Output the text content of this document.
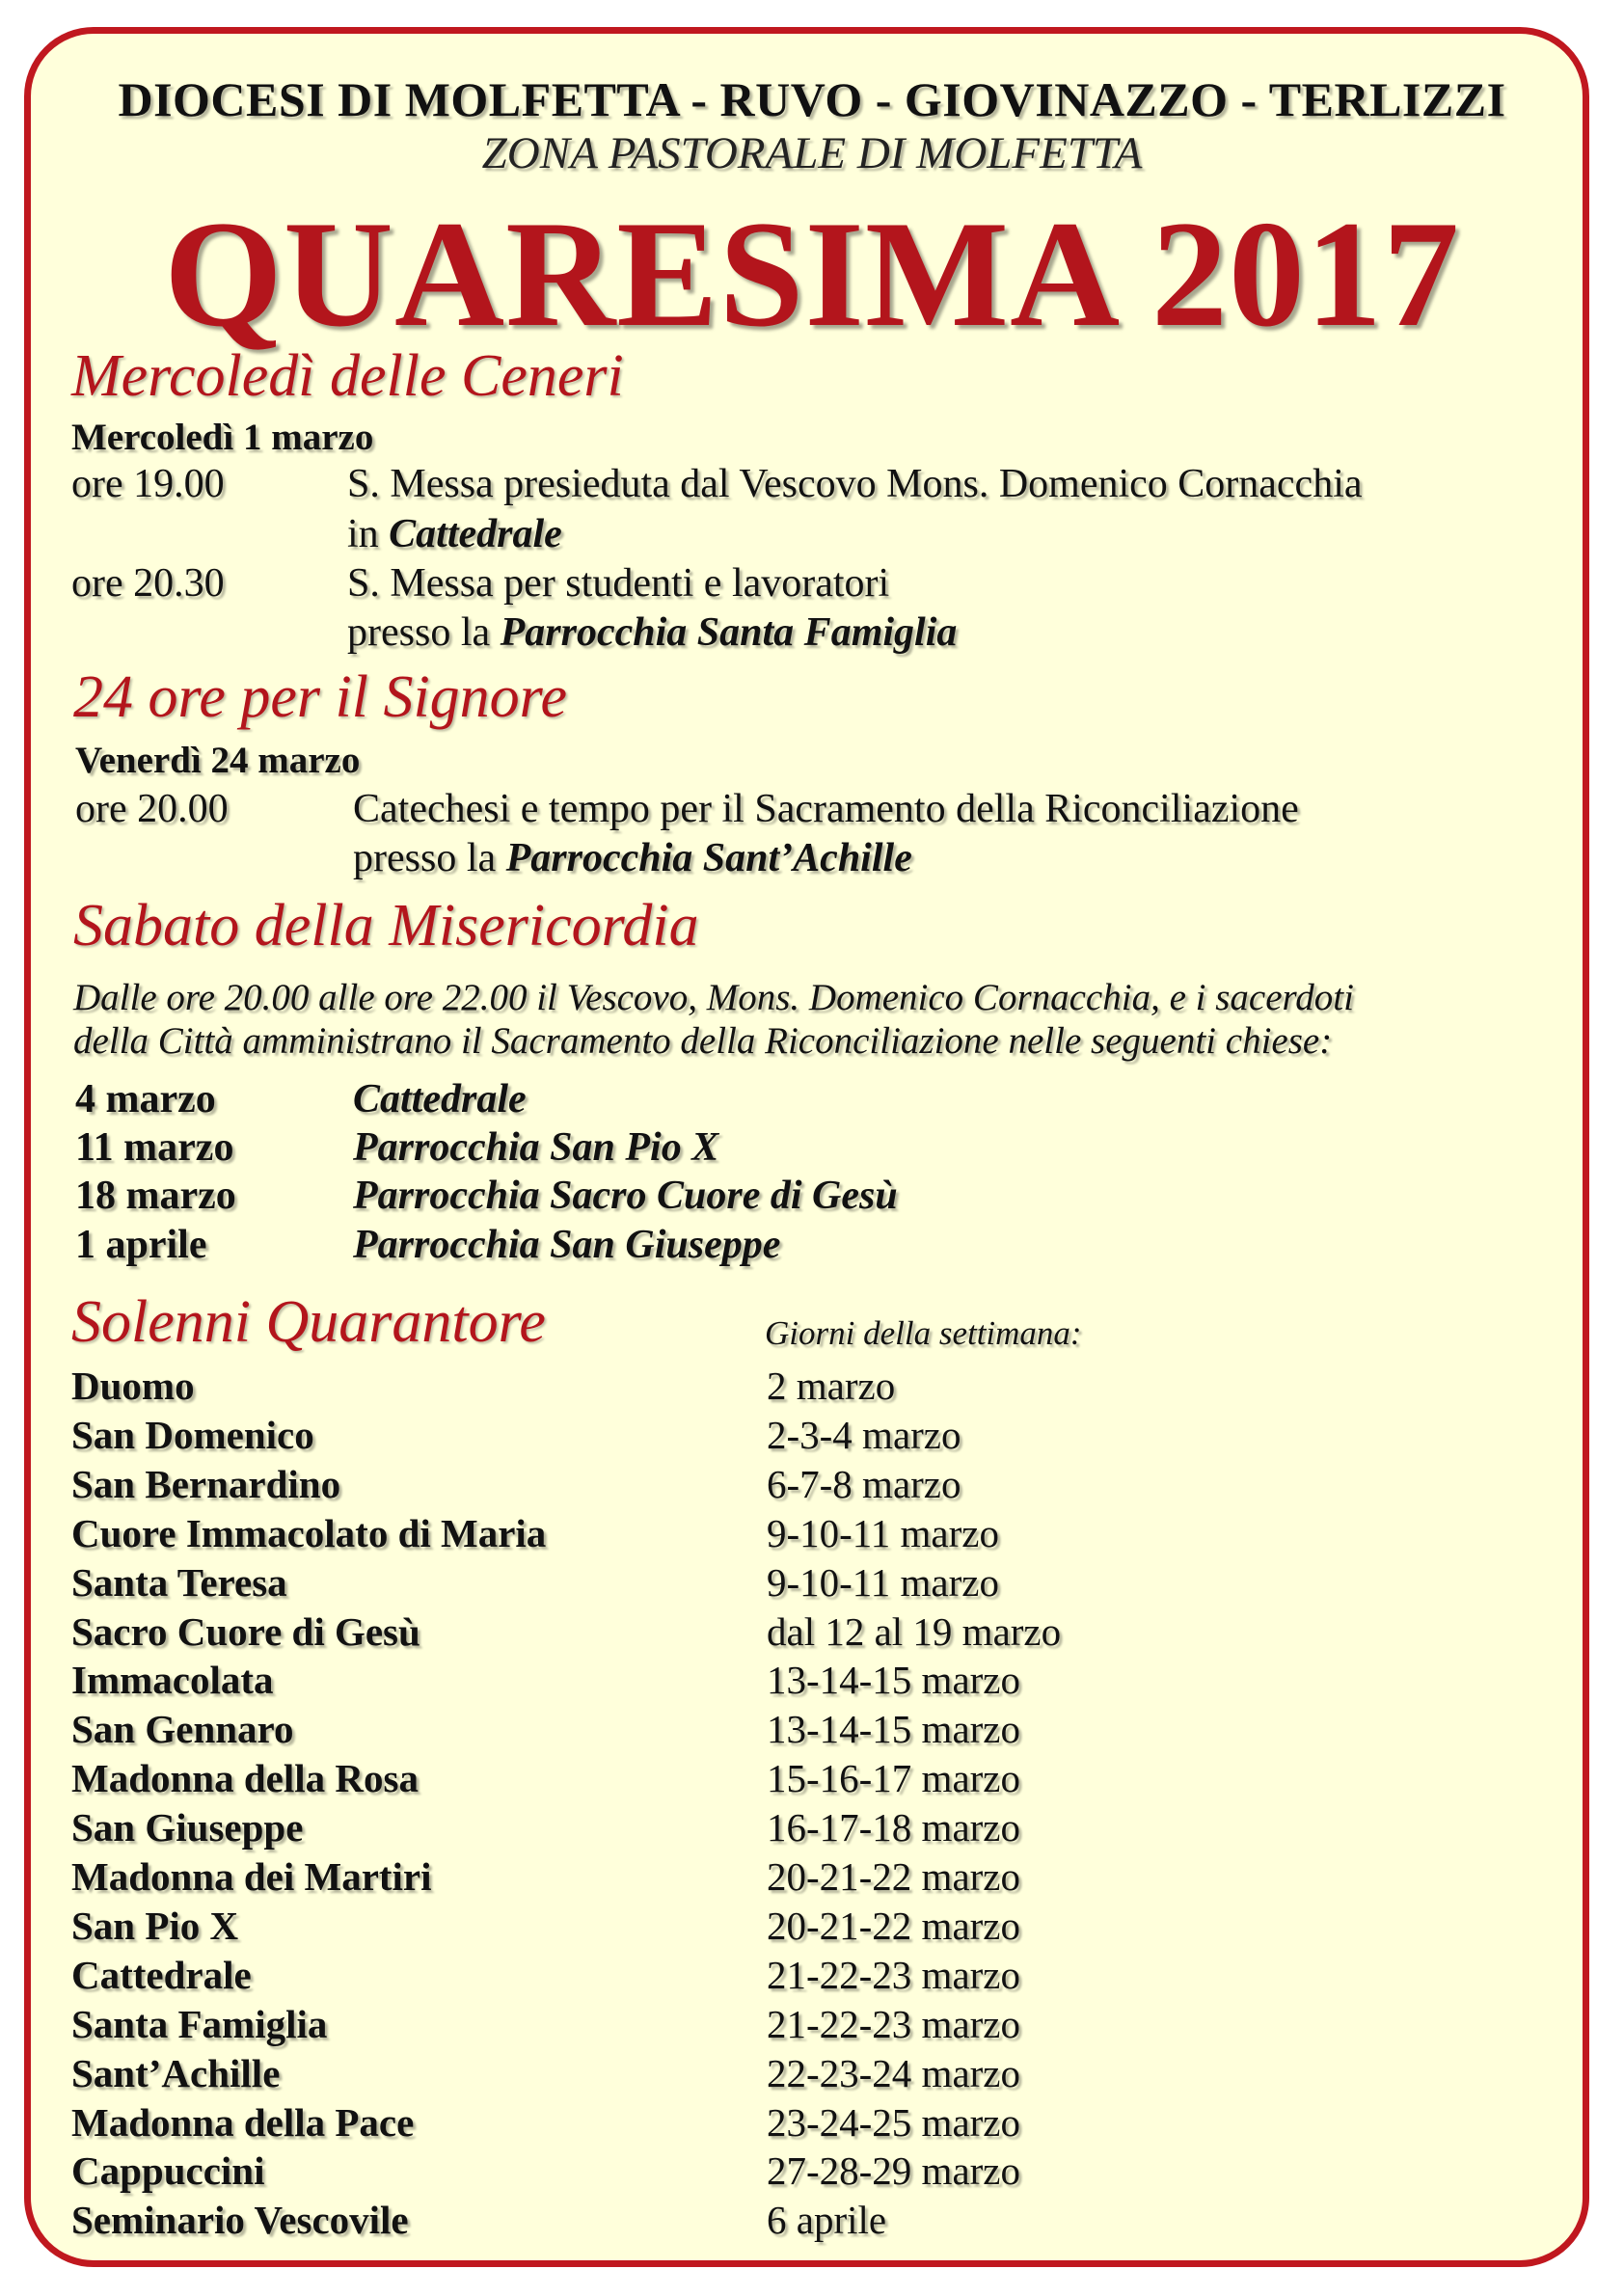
DIOCESI DI MOLFETTA - RUVO - GIOVINAZZO - TERLIZZI
ZONA PASTORALE DI MOLFETTA
QUARESIMA 2017
Mercoledì delle Ceneri
Mercoledì 1 marzo
ore 19.00	S. Messa presieduta dal Vescovo Mons. Domenico Cornacchia
in Cattedrale
ore 20.30	S. Messa per studenti e lavoratori
presso la Parrocchia Santa Famiglia
24 ore per il Signore
Venerdì 24 marzo
ore 20.00	Catechesi e tempo per il Sacramento della Riconciliazione
presso la Parrocchia Sant’Achille
Sabato della Misericordia
Dalle ore 20.00 alle ore 22.00 il Vescovo, Mons. Domenico Cornacchia, e i sacerdoti
della Città amministrano il Sacramento della Riconciliazione nelle seguenti chiese:
4 marzo	Cattedrale
11 marzo	Parrocchia San Pio X
18 marzo	Parrocchia Sacro Cuore di Gesù
1 aprile	Parrocchia San Giuseppe
Solenni Quarantore	Giorni della settimana:
Duomo	2 marzo
San Domenico	2-3-4 marzo
San Bernardino	6-7-8 marzo
Cuore Immacolato di Maria	9-10-11 marzo
Santa Teresa	9-10-11 marzo
Sacro Cuore di Gesù	dal 12 al 19 marzo
Immacolata	13-14-15 marzo
San Gennaro	13-14-15 marzo
Madonna della Rosa	15-16-17 marzo
San Giuseppe	16-17-18 marzo
Madonna dei Martiri	20-21-22 marzo
San Pio X	20-21-22 marzo
Cattedrale	21-22-23 marzo
Santa Famiglia	21-22-23 marzo
Sant’Achille	22-23-24 marzo
Madonna della Pace	23-24-25 marzo
Cappuccini	27-28-29 marzo
Seminario Vescovile	6 aprile
